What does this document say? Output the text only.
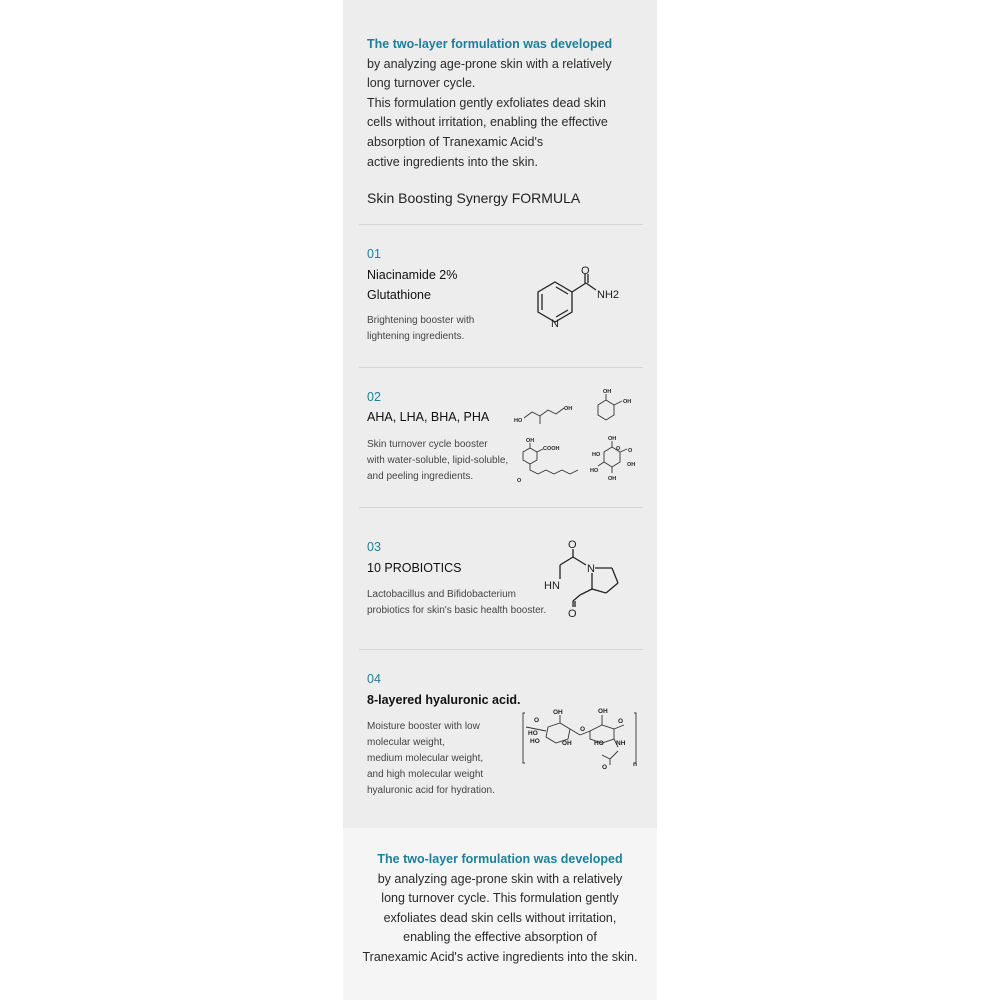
The two-layer formulation was developed
by analyzing age-prone skin with a relatively
long turnover cycle.
This formulation gently exfoliates dead skin
cells without irritation, enabling the effective
absorption of Tranexamic Acid's
active ingredients into the skin.
Skin Boosting Synergy FORMULA
01
Niacinamide 2%
Glutathione
Brightening booster with
lightening ingredients.
O
NH2
N
02
AHA, LHA, BHA, PHA
Skin turnover cycle booster
with water-soluble, lipid-soluble,
and peeling ingredients.
HO
OH
OH
OH
OH
COOH
O
HO
OH
HO
OH
OH
O O
03
10 PROBIOTICS
Lactobacillus and Bifidobacterium
probiotics for skin's basic health booster.
O
N
HN
O
04
8-layered hyaluronic acid.
Moisture booster with low
molecular weight,
medium molecular weight,
and high molecular weight
hyaluronic acid for hydration.
OH
O
HO
HO	OH
O
OH
O
HO NH
O	n
The two-layer formulation was developed
by analyzing age-prone skin with a relatively
long turnover cycle. This formulation gently
exfoliates dead skin cells without irritation,
enabling the effective absorption of
Tranexamic Acid's active ingredients into the skin.
